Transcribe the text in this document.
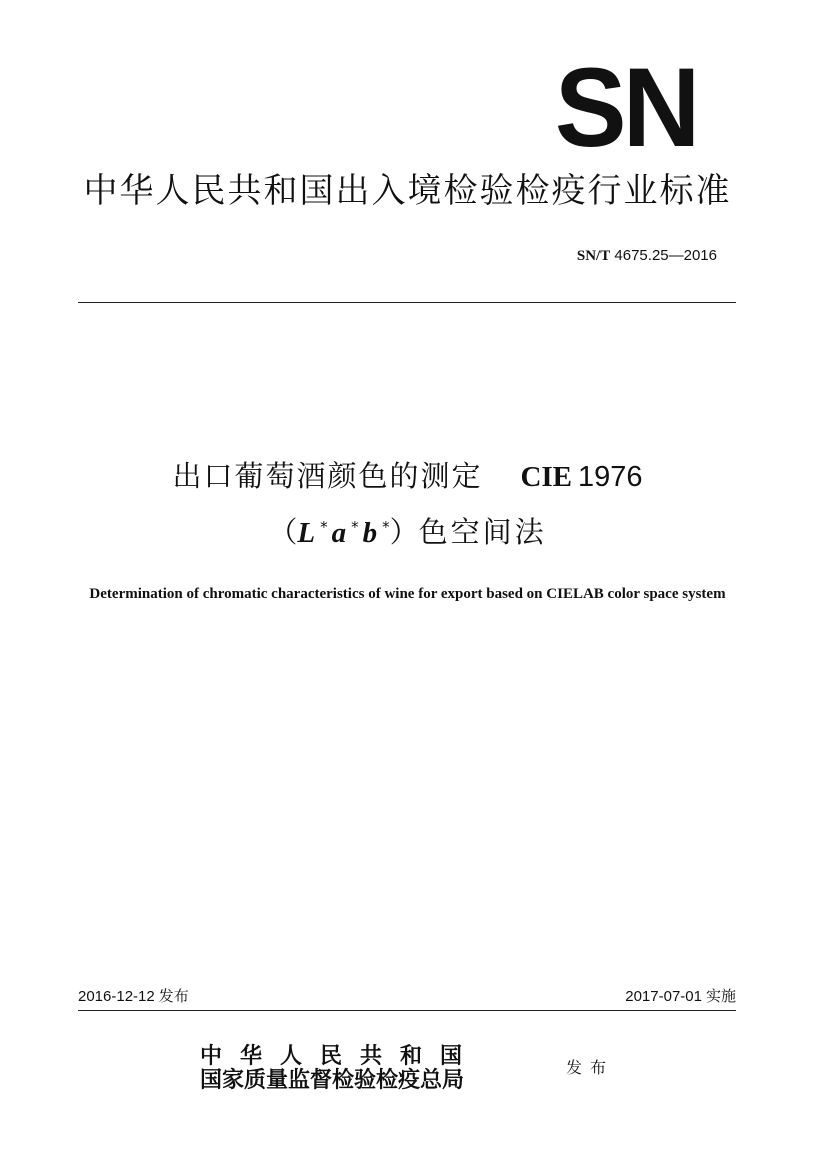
SN
中华人民共和国出入境检验检疫行业标准
SN/T 4675.25—2016
出口葡萄酒颜色的测定 CIE 1976
（L * a * b *）色空间法
Determination of chromatic characteristics of wine for export based on CIELAB color space system
2016-12-12 发布	2017-07-01 实施
中华人民共和国
国家质量监督检验检疫总局	发布
